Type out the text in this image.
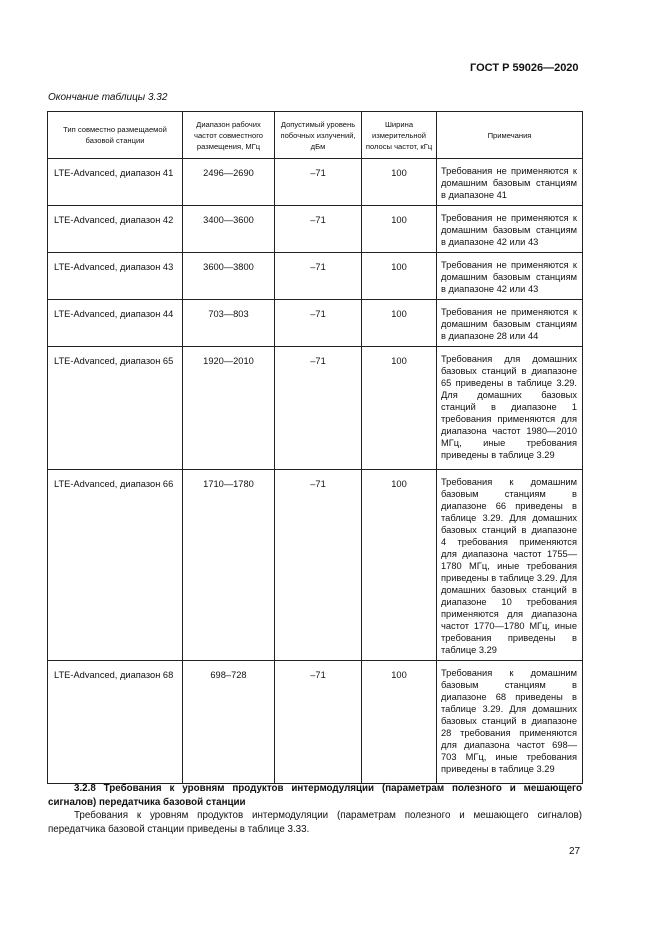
ГОСТ Р 59026—2020
Окончание таблицы 3.32
Тип совместно размещаемой базовой станции	Диапазон рабочих частот совместного размещения, МГц	Допустимый уровень побочных излучений, дБм	Ширина измерительной полосы частот, кГц	Примечания
LTE-Advanced, диапазон 41	2496—2690	–71	100	Требования не применяются к домашним базовым станциям в диапазоне 41
LTE-Advanced, диапазон 42	3400—3600	–71	100	Требования не применяются к домашним базовым станциям в диапазоне 42 или 43
LTE-Advanced, диапазон 43	3600—3800	–71	100	Требования не применяются к домашним базовым станциям в диапазоне 42 или 43
LTE-Advanced, диапазон 44	703—803	–71	100	Требования не применяются к домашним базовым станциям в диапазоне 28 или 44
LTE-Advanced, диапазон 65	1920—2010	–71	100	Требования для домашних базовых станций в диапазоне 65 приведены в таблице 3.29. Для домашних базовых станций в диапазоне 1 требования применяются для диапазона частот 1980—2010 МГц, иные требования приведены в таблице 3.29
LTE-Advanced, диапазон 66	1710—1780	–71	100	Требования к домашним базовым станциям в диапазоне 66 приведены в таблице 3.29. Для домашних базовых станций в диапазоне 4 требования применяются для диапазона частот 1755—1780 МГц, иные требования приведены в таблице 3.29. Для домашних базовых станций в диапазоне 10 требования применяются для диапазона частот 1770—1780 МГц, иные требования приведены в таблице 3.29
LTE-Advanced, диапазон 68	698–728	–71	100	Требования к домашним базовым станциям в диапазоне 68 приведены в таблице 3.29. Для домашних базовых станций в диапазоне 28 требования применяются для диапазона частот 698—703 МГц, иные требования приведены в таблице 3.29
3.2.8 Требования к уровням продуктов интермодуляции (параметрам полезного и мешающего сигналов) передатчика базовой станции
Требования к уровням продуктов интермодуляции (параметрам полезного и мешающего сигналов) передатчика базовой станции приведены в таблице 3.33.
27
